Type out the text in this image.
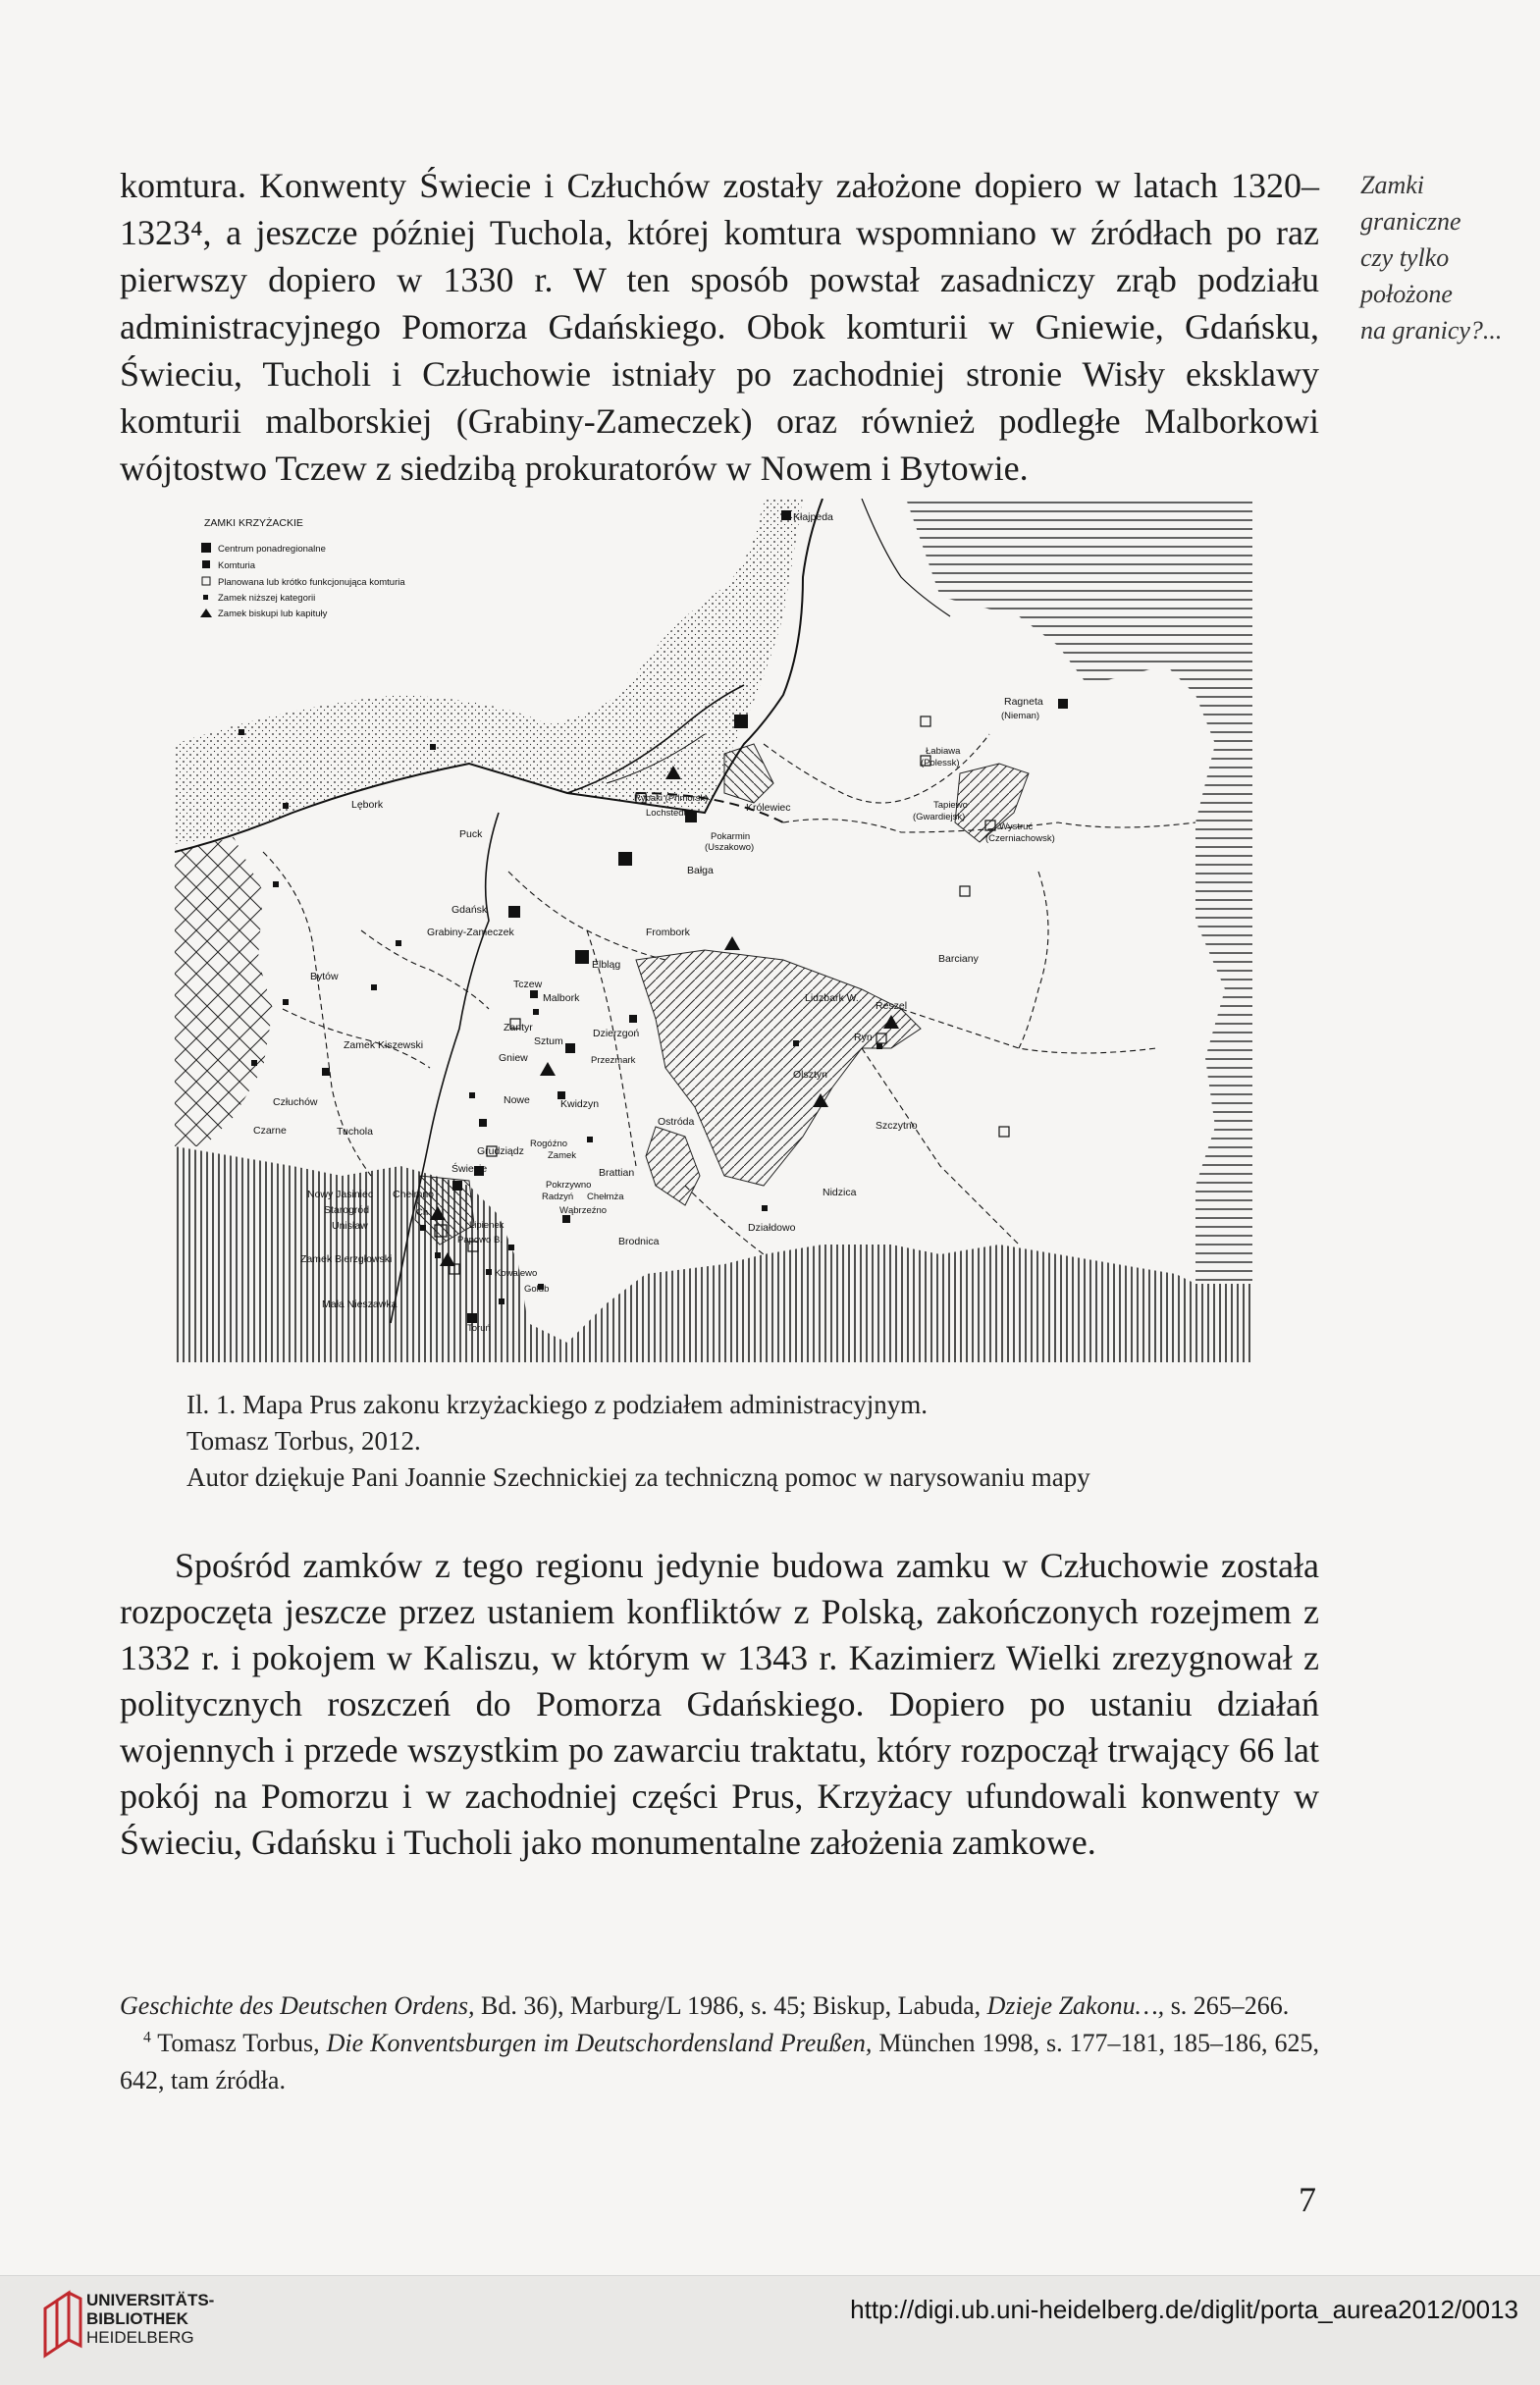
komtura. Konwenty Świecie i Człuchów zostały założone dopiero w latach 1320–1323⁴, a jeszcze później Tuchola, której komtura wspomniano w źródłach po raz pierwszy dopiero w 1330 r. W ten sposób powstał zasadniczy zrąb podziału administracyjnego Pomorza Gdańskiego. Obok komturii w Gniewie, Gdańsku, Świeciu, Tucholi i Człuchowie istniały po zachodniej stronie Wisły eksklawy komturii malborskiej (Grabiny-Zameczek) oraz również podległe Malborkowi wójtostwo Tczew z siedzibą prokuratorów w Nowem i Bytowie.

Zamki
graniczne
czy tylko
położone
na granicy?...
ZAMKI KRZYŻACKIE
Centrum ponadregionalne
Komturia
Planowana lub krótko funkcjonująca komturia
Zamek niższej kategorii
Zamek biskupi lub kapituły
Kłajpeda
Ragneta
(Nieman)
Łabiawa
(Polessk)
Tapiewo
(Gwardiejsk)
Wystruć
(Czerniachowsk)
Rybaki (Primorsk)
Lochstedt	Królewiec
Pokarmin
(Uszakowo)
Bałga
Lębork
Puck
Gdańsk
Grabiny-Zameczek	Frombork
Barciany
Bytów
Tczew
Elbląg
Lidzbark W.
Reszel
Malbork
Zamek Kiszewski
Zantyr
Sztum
Dzierzgoń
Gniew	Przezmark
Ryn
Olsztyn
Człuchów	Nowe	Kwidzyn
Czarne	Tuchola
Ostróda	Szczytno
Grudziądz
Rogóźno
Zamek
Świecie	Brattian
Nowy Jasiniec Chełmno
Pokrzywno
Radzyń Chełmża	Nidzica
Starogród	Ch	Wąbrzeźno
Unisław	Lipienek
Papowo B.
Działdowo
Brodnica
Zamek Bierzgłowski
Kowalewo
Golub
Mała Nieszawka
Toruń
Il. 1. Mapa Prus zakonu krzyżackiego z podziałem administracyjnym.
Tomasz Torbus, 2012.
Autor dziękuje Pani Joannie Szechnickiej za techniczną pomoc w narysowaniu mapy

Spośród zamków z tego regionu jedynie budowa zamku w Człuchowie została rozpoczęta jeszcze przez ustaniem konfliktów z Polską, zakończonych rozejmem z 1332 r. i pokojem w Kaliszu, w którym w 1343 r. Kazimierz Wielki zrezygnował z politycznych roszczeń do Pomorza Gdańskiego. Dopiero po ustaniu działań wojennych i przede wszystkim po zawarciu traktatu, który rozpoczął trwający 66 lat pokój na Pomorzu i w zachodniej części Prus, Krzyżacy ufundowali konwenty w Świeciu, Gdańsku i Tucholi jako monumentalne założenia zamkowe.

Geschichte des Deutschen Ordens, Bd. 36), Marburg/L 1986, s. 45; Biskup, Labuda, Dzieje Zakonu…, s. 265–266.

$^4$ Tomasz Torbus, Die Konventsburgen im Deutschordensland Preußen, München 1998, s. 177–181, 185–186, 625, 642, tam źródła.

7
UNIVERSITÄTS-
BIBLIOTHEK
HEIDELBERG
http://digi.ub.uni-heidelberg.de/diglit/porta_aurea2012/0013
